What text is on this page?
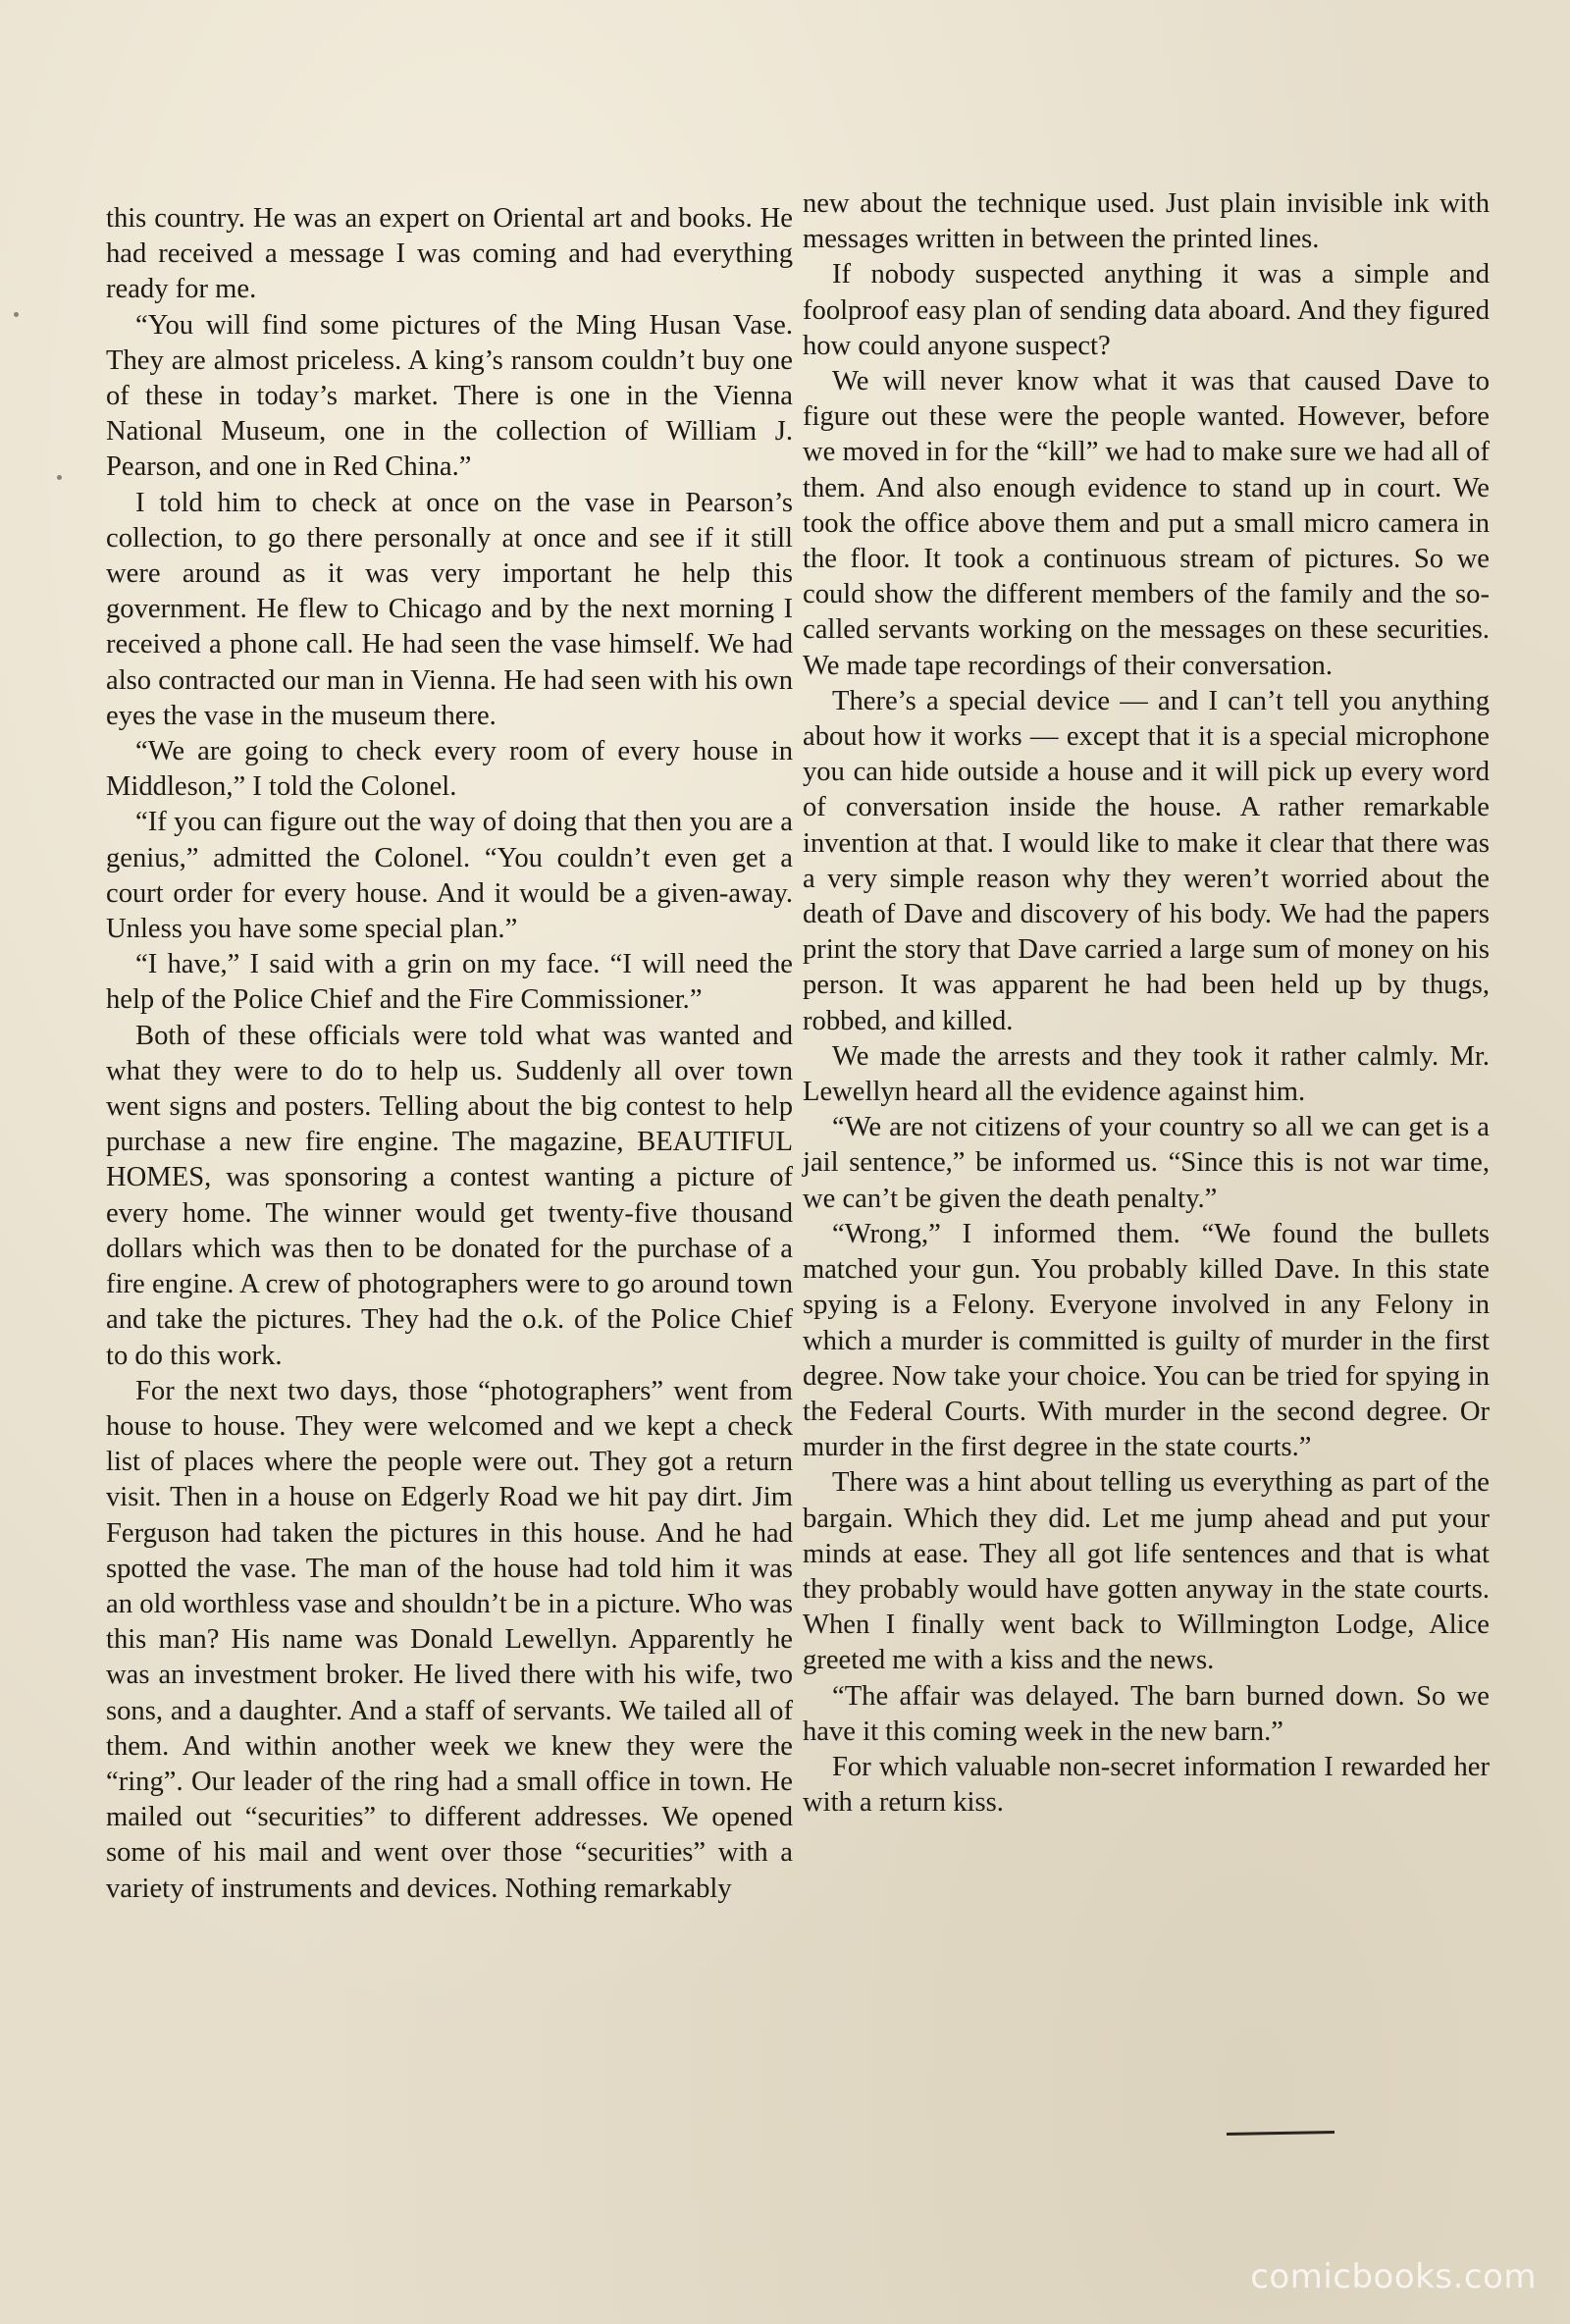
this country. He was an expert on Oriental art and books. He had received a message I was coming and had everything ready for me.

“You will find some pictures of the Ming Husan Vase. They are almost priceless. A king’s ransom couldn’t buy one of these in today’s market. There is one in the Vienna National Museum, one in the collection of William J. Pearson, and one in Red China.”

I told him to check at once on the vase in Pearson’s collection, to go there personally at once and see if it still were around as it was very important he help this government. He flew to Chicago and by the next morning I received a phone call. He had seen the vase himself. We had also contracted our man in Vienna. He had seen with his own eyes the vase in the museum there.

“We are going to check every room of every house in Middleson,” I told the Colonel.

“If you can figure out the way of doing that then you are a genius,” admitted the Colonel. “You couldn’t even get a court order for every house. And it would be a given-away. Unless you have some special plan.”

“I have,” I said with a grin on my face. “I will need the help of the Police Chief and the Fire Commissioner.”

Both of these officials were told what was wanted and what they were to do to help us. Suddenly all over town went signs and posters. Telling about the big contest to help purchase a new fire engine. The magazine, BEAUTIFUL HOMES, was sponsoring a contest wanting a picture of every home. The winner would get twenty-five thousand dollars which was then to be donated for the purchase of a fire engine. A crew of photographers were to go around town and take the pictures. They had the o.k. of the Police Chief to do this work.

For the next two days, those “photographers” went from house to house. They were welcomed and we kept a check list of places where the people were out. They got a return visit. Then in a house on Edgerly Road we hit pay dirt. Jim Ferguson had taken the pictures in this house. And he had spotted the vase. The man of the house had told him it was an old worthless vase and shouldn’t be in a picture. Who was this man? His name was Donald Lewellyn. Apparently he was an investment broker. He lived there with his wife, two sons, and a daughter. And a staff of servants. We tailed all of them. And within another week we knew they were the “ring”. Our leader of the ring had a small office in town. He mailed out “securities” to different addresses. We opened some of his mail and went over those “securities” with a variety of instruments and devices. Nothing remarkably

new about the technique used. Just plain invisible ink with messages written in between the printed lines.

If nobody suspected anything it was a simple and foolproof easy plan of sending data aboard. And they figured how could anyone suspect?

We will never know what it was that caused Dave to figure out these were the people wanted. However, before we moved in for the “kill” we had to make sure we had all of them. And also enough evidence to stand up in court. We took the office above them and put a small micro camera in the floor. It took a continuous stream of pictures. So we could show the different members of the family and the so-called servants working on the messages on these securities. We made tape recordings of their conversation.

There’s a special device — and I can’t tell you anything about how it works — except that it is a special microphone you can hide outside a house and it will pick up every word of conversation inside the house. A rather remarkable invention at that. I would like to make it clear that there was a very simple reason why they weren’t worried about the death of Dave and discovery of his body. We had the papers print the story that Dave carried a large sum of money on his person. It was apparent he had been held up by thugs, robbed, and killed.

We made the arrests and they took it rather calmly. Mr. Lewellyn heard all the evidence against him.

“We are not citizens of your country so all we can get is a jail sentence,” be informed us. “Since this is not war time, we can’t be given the death penalty.”

“Wrong,” I informed them. “We found the bullets matched your gun. You probably killed Dave. In this state spying is a Felony. Everyone involved in any Felony in which a murder is committed is guilty of murder in the first degree. Now take your choice. You can be tried for spying in the Federal Courts. With murder in the second degree. Or murder in the first degree in the state courts.”

There was a hint about telling us everything as part of the bargain. Which they did. Let me jump ahead and put your minds at ease. They all got life sentences and that is what they probably would have gotten anyway in the state courts. When I finally went back to Willmington Lodge, Alice greeted me with a kiss and the news.

“The affair was delayed. The barn burned down. So we have it this coming week in the new barn.”

For which valuable non-secret information I rewarded her with a return kiss.

comicbooks.com
